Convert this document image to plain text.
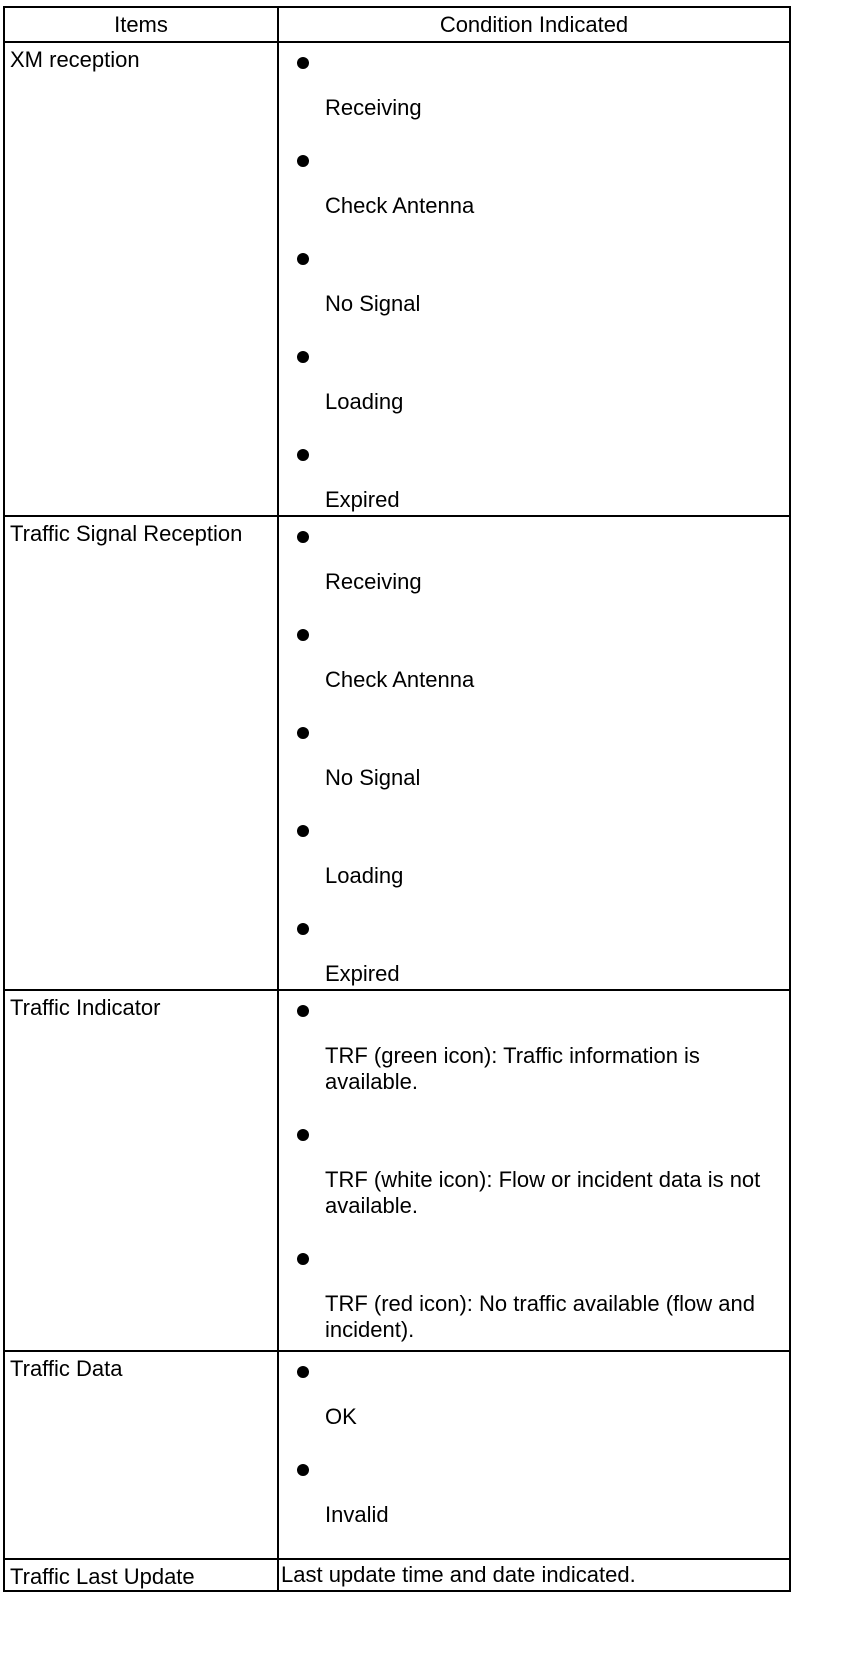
Items	Condition Indicated
XM reception	Receiving
Check Antenna
No Signal
Loading
Expired

Traffic Signal Reception	Receiving
Check Antenna
No Signal
Loading
Expired

Traffic Indicator	TRF (green icon): Traffic information is available.
TRF (white icon): Flow or incident data is not available.
TRF (red icon): No traffic available (flow and incident).

Traffic Data	OK
Invalid

Traffic Last Update	Last update time and date indicated.
